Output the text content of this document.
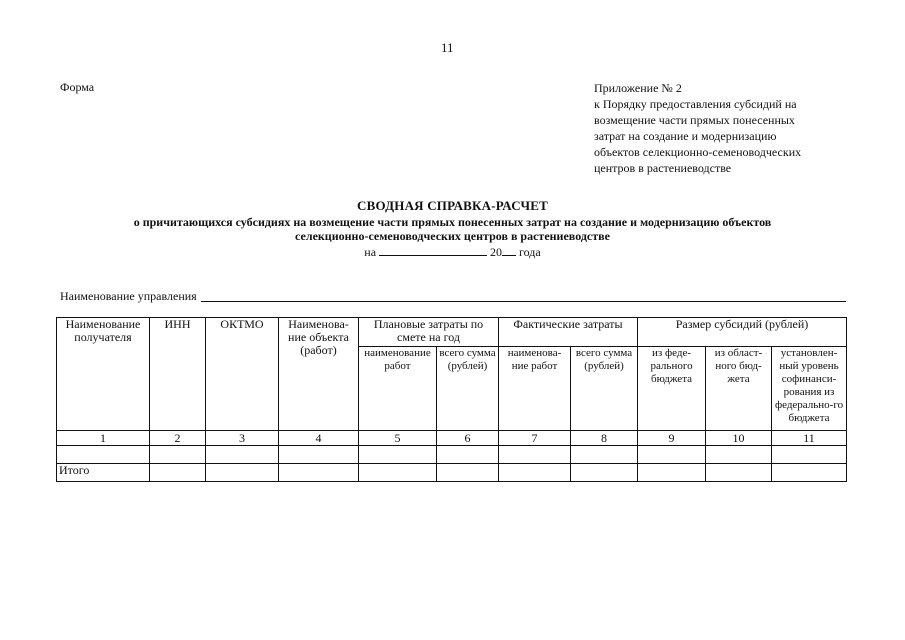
11
Форма	Приложение № 2
к Порядку предоставления субсидий на
возмещение части прямых понесенных
затрат на создание и модернизацию
объектов селекционно-семеноводческих
центров в растениеводстве
СВОДНАЯ СПРАВКА-РАСЧЕТ
о причитающихся субсидиях на возмещение части прямых понесенных затрат на создание и модернизацию объектов
селекционно-семеноводческих центров в растениеводстве
на	20 года
Наименование управления
Наименование получателя	ИНН	ОКТМО	Наименова-ние объекта (работ)	Плановые затраты по смете на год		Фактические затраты		Размер субсидий (рублей)		
				наименование работ	всего сумма (рублей)	наименова-ние работ	всего сумма (рублей)	из феде-рального бюджета	из област-ного бюд-жета	установлен-ный уровень софинанси-рования из федерально-го бюджета
1	2	3	4	5	6	7	8	9	10	11

Итого										
